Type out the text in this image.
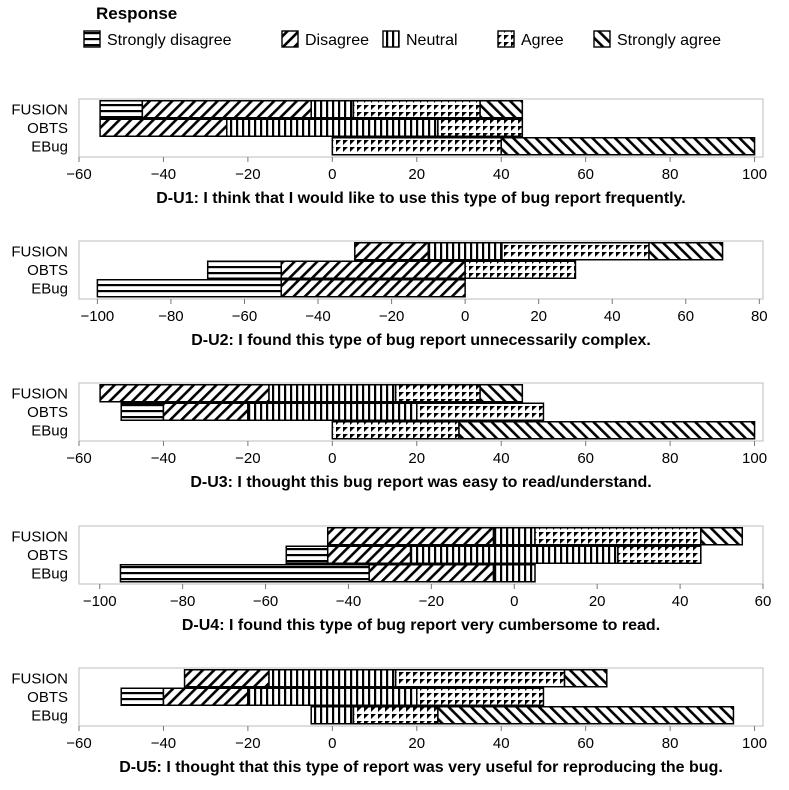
Response
Strongly disagree	Disagree Neutral	Agree	Strongly agree
FUSION
OBTS
EBug
−60	−40	−20	0	20	40	60	80	100
D-U1: I think that I would like to use this type of bug report frequently.
FUSION
OBTS
EBug
−100	−80	−60	−40	−20	0	20	40	60	80
D-U2: I found this type of bug report unnecessarily complex.
FUSION
OBTS
EBug
−60	−40	−20	0	20	40	60	80	100
D-U3: I thought this bug report was easy to read/understand.
FUSION
OBTS
EBug
−100	−80	−60	−40	−20	0	20	40	60
D-U4: I found this type of bug report very cumbersome to read.
FUSION
OBTS
EBug
−60	−40	−20	0	20	40	60	80	100
D-U5: I thought that this type of report was very useful for reproducing the bug.
